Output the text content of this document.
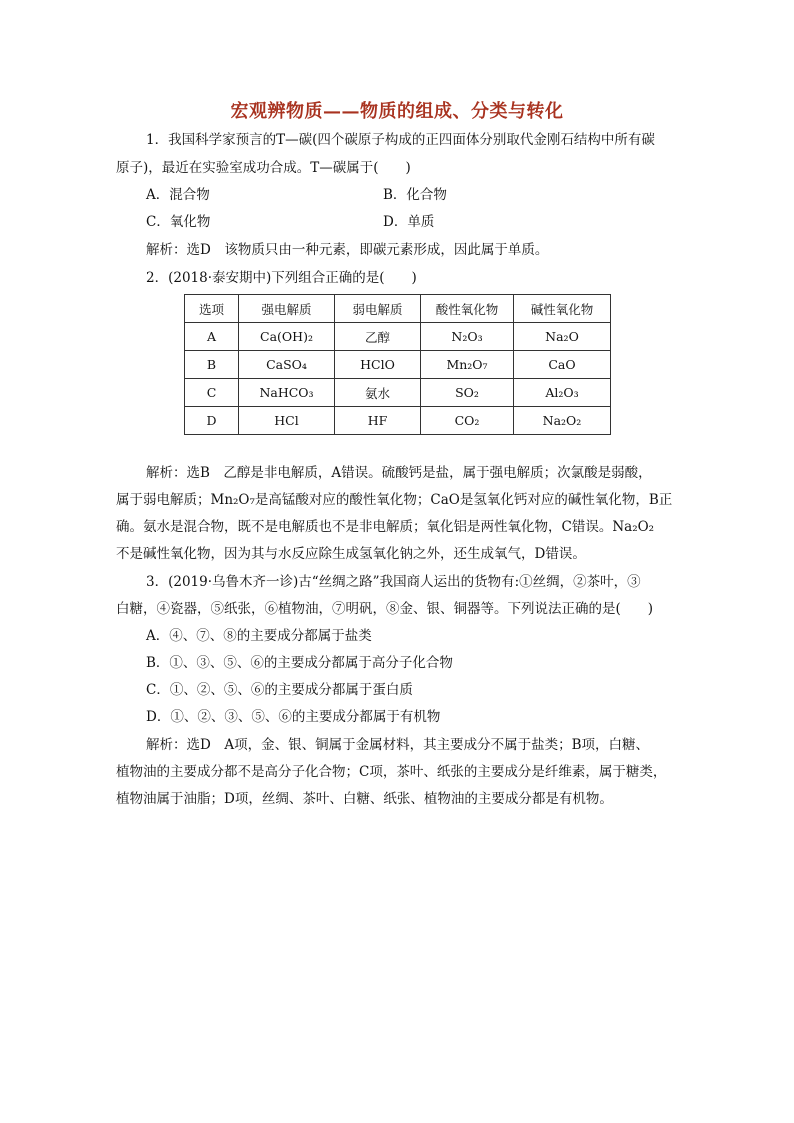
宏观辨物质——物质的组成、分类与转化
1．我国科学家预言的T—碳(四个碳原子构成的正四面体分别取代金刚石结构中所有碳
原子)，最近在实验室成功合成。T—碳属于(　　)
A．混合物	B．化合物
C．氧化物	D．单质
解析：选D　该物质只由一种元素，即碳元素形成，因此属于单质。
2．(2018·泰安期中)下列组合正确的是(　　)
选项	强电解质	弱电解质	酸性氧化物	碱性氧化物
A	Ca(OH)₂	乙醇	N₂O₃	Na₂O
B	CaSO₄	HClO	Mn₂O₇	CaO
C	NaHCO₃	氨水	SO₂	Al₂O₃
D	HCl	HF	CO₂	Na₂O₂
解析：选B　乙醇是非电解质，A错误。硫酸钙是盐，属于强电解质；次氯酸是弱酸，
属于弱电解质；Mn₂O₇是高锰酸对应的酸性氧化物；CaO是氢氧化钙对应的碱性氧化物，B正
确。氨水是混合物，既不是电解质也不是非电解质；氧化铝是两性氧化物，C错误。Na₂O₂
不是碱性氧化物，因为其与水反应除生成氢氧化钠之外，还生成氧气，D错误。
3．(2019·乌鲁木齐一诊)古“丝绸之路”我国商人运出的货物有:①丝绸，②茶叶，③
白糖，④瓷器，⑤纸张，⑥植物油，⑦明矾，⑧金、银、铜器等。下列说法正确的是(　　)
A．④、⑦、⑧的主要成分都属于盐类
B．①、③、⑤、⑥的主要成分都属于高分子化合物
C．①、②、⑤、⑥的主要成分都属于蛋白质
D．①、②、③、⑤、⑥的主要成分都属于有机物
解析：选D　A项，金、银、铜属于金属材料，其主要成分不属于盐类；B项，白糖、
植物油的主要成分都不是高分子化合物；C项，茶叶、纸张的主要成分是纤维素，属于糖类，
植物油属于油脂；D项，丝绸、茶叶、白糖、纸张、植物油的主要成分都是有机物。
